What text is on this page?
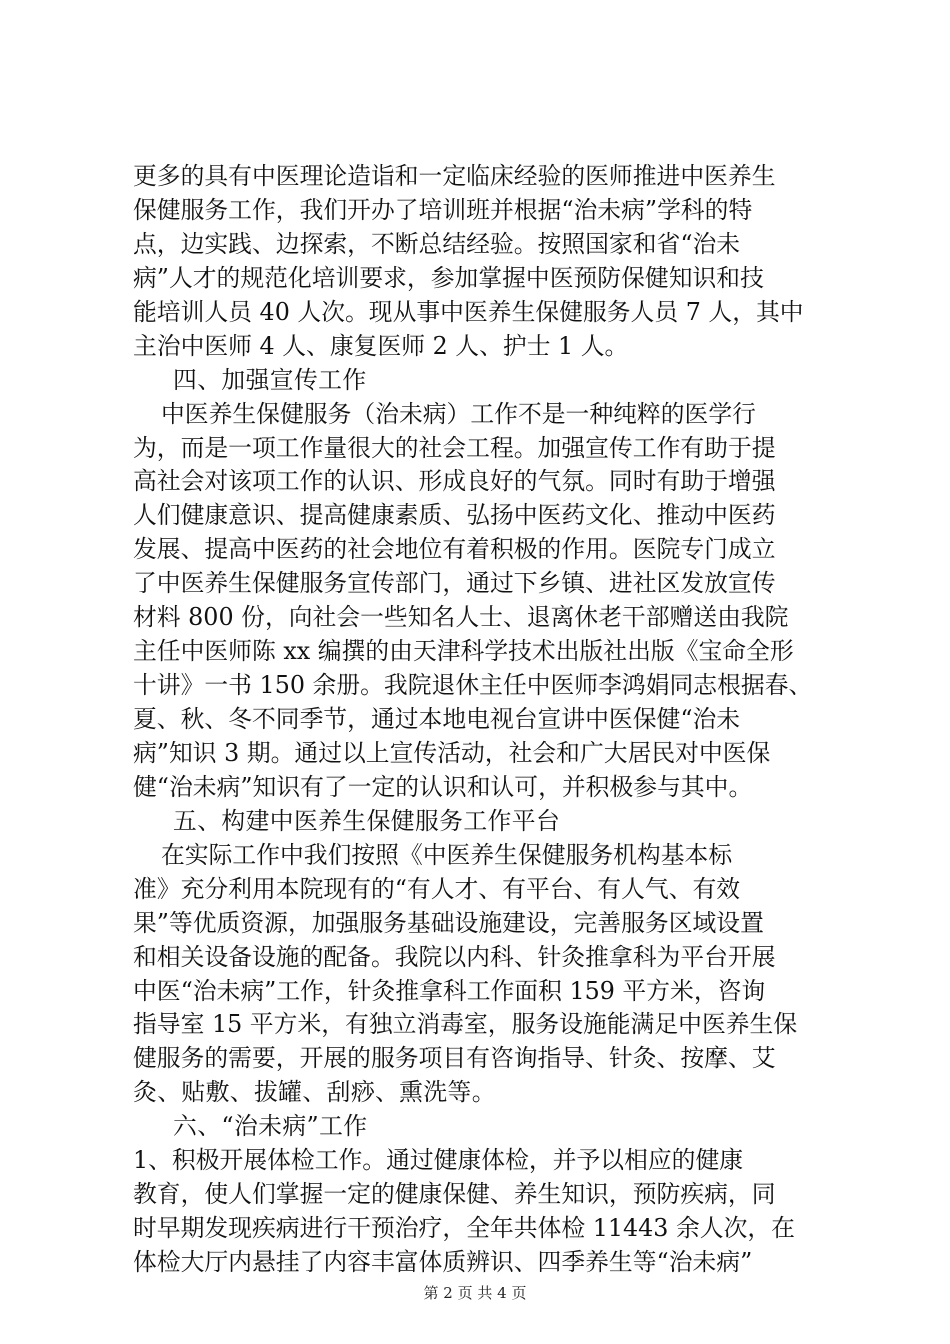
更多的具有中医理论造诣和一定临床经验的医师推进中医养生
保健服务工作，我们开办了培训班并根据“治未病”学科的特
点，边实践、边探索，不断总结经验。按照国家和省“治未
病”人才的规范化培训要求，参加掌握中医预防保健知识和技
能培训人员 40 人次。现从事中医养生保健服务人员 7 人，其中
主治中医师 4 人、康复医师 2 人、护士 1 人。
四、加强宣传工作
中医养生保健服务（治未病）工作不是一种纯粹的医学行
为，而是一项工作量很大的社会工程。加强宣传工作有助于提
高社会对该项工作的认识、形成良好的气氛。同时有助于增强
人们健康意识、提高健康素质、弘扬中医药文化、推动中医药
发展、提高中医药的社会地位有着积极的作用。医院专门成立
了中医养生保健服务宣传部门，通过下乡镇、进社区发放宣传
材料 800 份，向社会一些知名人士、退离休老干部赠送由我院
主任中医师陈 xx 编撰的由天津科学技术出版社出版《宝命全形
十讲》一书 150 余册。我院退休主任中医师李鸿娟同志根据春、
夏、秋、冬不同季节，通过本地电视台宣讲中医保健“治未
病”知识 3 期。通过以上宣传活动，社会和广大居民对中医保
健“治未病”知识有了一定的认识和认可，并积极参与其中。
五、构建中医养生保健服务工作平台
在实际工作中我们按照《中医养生保健服务机构基本标
准》充分利用本院现有的“有人才、有平台、有人气、有效
果”等优质资源，加强服务基础设施建设，完善服务区域设置
和相关设备设施的配备。我院以内科、针灸推拿科为平台开展
中医“治未病”工作，针灸推拿科工作面积 159 平方米，咨询
指导室 15 平方米，有独立消毒室，服务设施能满足中医养生保
健服务的需要，开展的服务项目有咨询指导、针灸、按摩、艾
灸、贴敷、拔罐、刮痧、熏洗等。
六、“治未病”工作
1、积极开展体检工作。通过健康体检，并予以相应的健康
教育，使人们掌握一定的健康保健、养生知识，预防疾病，同
时早期发现疾病进行干预治疗，全年共体检 11443 余人次，在
体检大厅内悬挂了内容丰富体质辨识、四季养生等“治未病”
第 2 页 共 4 页
